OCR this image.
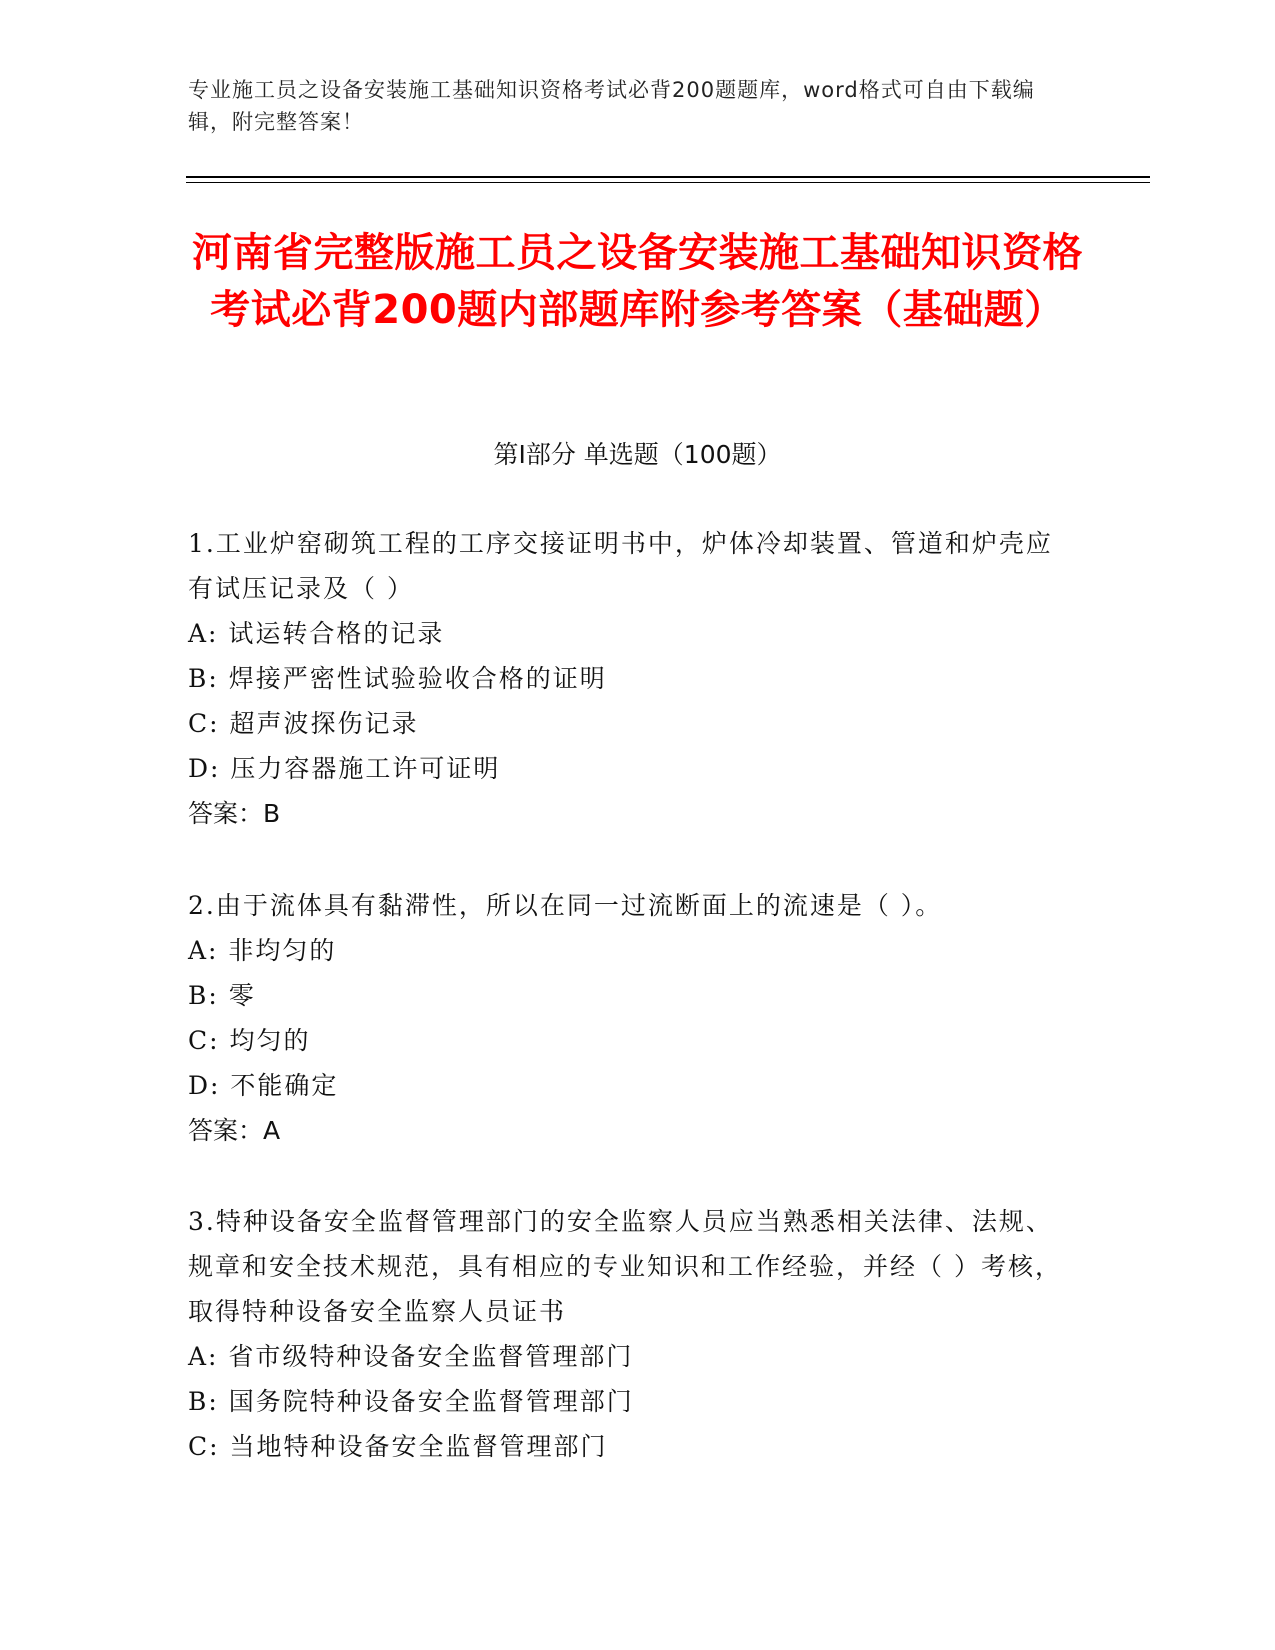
专业施工员之设备安装施工基础知识资格考试必背200题题库，word格式可自由下载编辑，附完整答案！
河南省完整版施工员之设备安装施工基础知识资格考试必背200题内部题库附参考答案（基础题）
第I部分 单选题（100题）

1.工业炉窑砌筑工程的工序交接证明书中，炉体冷却装置、管道和炉壳应有试压记录及（ ）

A: 试运转合格的记录

B: 焊接严密性试验验收合格的证明

C: 超声波探伤记录

D: 压力容器施工许可证明

答案：B

2.由于流体具有黏滞性，所以在同一过流断面上的流速是（ ）。

A: 非均匀的

B: 零

C: 均匀的

D: 不能确定

答案：A

3.特种设备安全监督管理部门的安全监察人员应当熟悉相关法律、法规、规章和安全技术规范，具有相应的专业知识和工作经验，并经（ ）考核，取得特种设备安全监察人员证书

A: 省市级特种设备安全监督管理部门

B: 国务院特种设备安全监督管理部门

C: 当地特种设备安全监督管理部门
